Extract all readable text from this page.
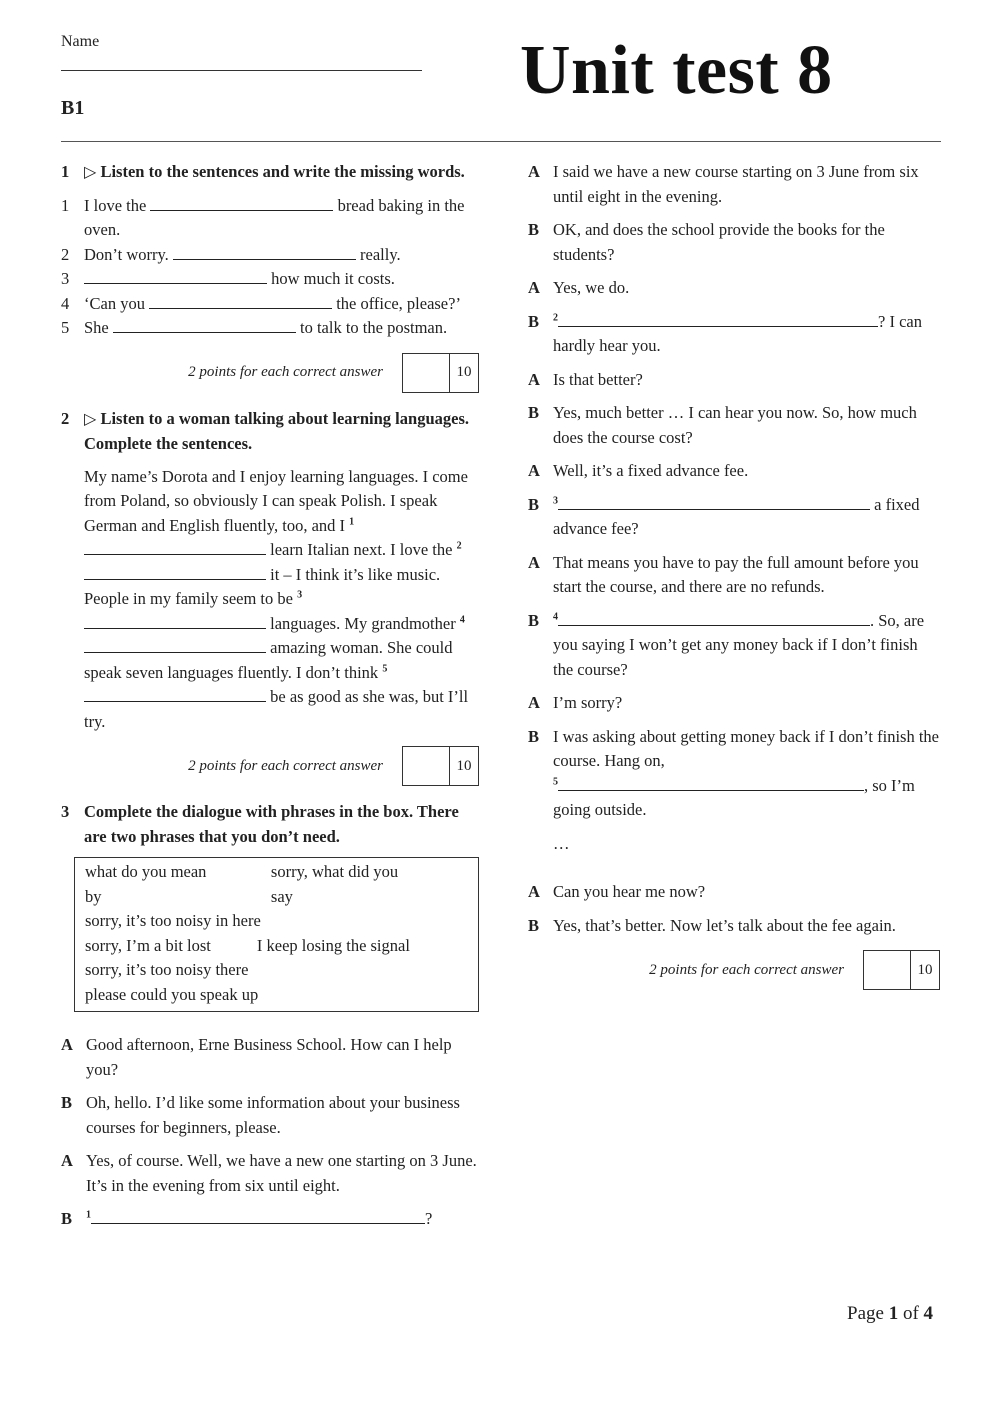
Name
B1	Unit test 8
1 ▷ Listen to the sentences and write the missing words.
1 I love the	bread baking in the oven.
2 Don’t worry.	really.
3	how much it costs.
4 ‘Can you	the office, please?’
5 She	to talk to the postman.
2 points for each correct answer	10
2 ▷ Listen to a woman talking about learning languages. Complete the sentences.
My name’s Dorota and I enjoy learning languages. I come from Poland, so obviously I can speak Polish. I speak German and English fluently, too, and I $^1$ learn Italian next. I love the $^2$ it – I think it’s like music. People in my family seem to be $^3$ languages. My grandmother $^4$ amazing woman. She could speak seven languages fluently. I don’t think $^5$ be as good as she was, but I’ll try.
2 points for each correct answer	10
3 Complete the dialogue with phrases in the box. There are two phrases that you don’t need.
what do you mean by
sorry, what did you say
sorry, it’s too noisy in here
sorry, I’m a bit lost	I keep losing the signal
sorry, it’s too noisy there
please could you speak up
A Good afternoon, Erne Business School. How can I help you?
B Oh, hello. I’d like some information about your business courses for beginners, please.
A Yes, of course. Well, we have a new one starting on 3 June. It’s in the evening from six until eight.
B	$^1$	?
A I said we have a new course starting on 3 June from six until eight in the evening.
B OK, and does the school provide the books for the students?
A Yes, we do.
B	$^2$	? I can hardly hear you.
A Is that better?
B Yes, much better … I can hear you now. So, how much does the course cost?
A Well, it’s a fixed advance fee.
B	$^3$	a fixed advance fee?
A That means you have to pay the full amount before you start the course, and there are no refunds.
B	$^4$	. So, are you saying I won’t get any money back if I don’t finish the course?
A I’m sorry?
B I was asking about getting money back if I don’t finish the course. Hang on,
$^5$	, so I’m going outside.
…
A Can you hear me now?
B Yes, that’s better. Now let’s talk about the fee again.
2 points for each correct answer	10
Page 1 of 4
